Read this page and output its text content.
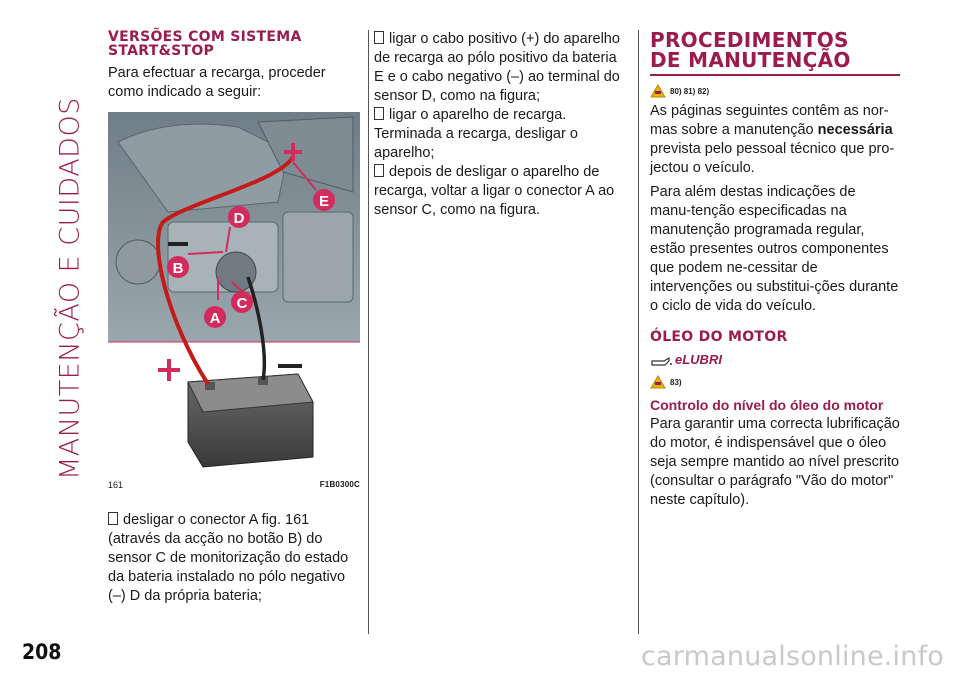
MANUTENÇÃO E CUIDADOS
208
VERSÕES COM SISTEMA START&STOP

Para efectuar a recarga, proceder como indicado a seguir:

E
D
B
C
A
161	F1B0300C

desligar o conector A fig. 161 (através da acção no botão B) do sensor C de monitorização do estado da bateria instalado no pólo negativo (–) D da própria bateria;

ligar o cabo positivo (+) do aparelho de recarga ao pólo positivo da bateria E e o cabo negativo (–) ao terminal do sensor D, como na figura;

ligar o aparelho de recarga.

Terminada a recarga, desligar o aparelho;

depois de desligar o aparelho de recarga, voltar a ligar o conector A ao sensor C, como na figura.

PROCEDIMENTOS
DE MANUTENÇÃO
80) 81) 82)

As páginas seguintes contêm as nor-mas sobre a manutenção necessária prevista pelo pessoal técnico que pro-jectou o veículo.

Para além destas indicações de manu-tenção especificadas na manutenção programada regular, estão presentes outros componentes que podem ne-cessitar de intervenções ou substitui-ções durante o ciclo de vida do veículo.

ÓLEO DO MOTOR
eLUBRI
83)
Controlo do nível do óleo do motor

Para garantir uma correcta lubrificação do motor, é indispensável que o óleo seja sempre mantido ao nível prescrito (consultar o parágrafo "Vão do motor" neste capítulo).

carmanualsonline.info
